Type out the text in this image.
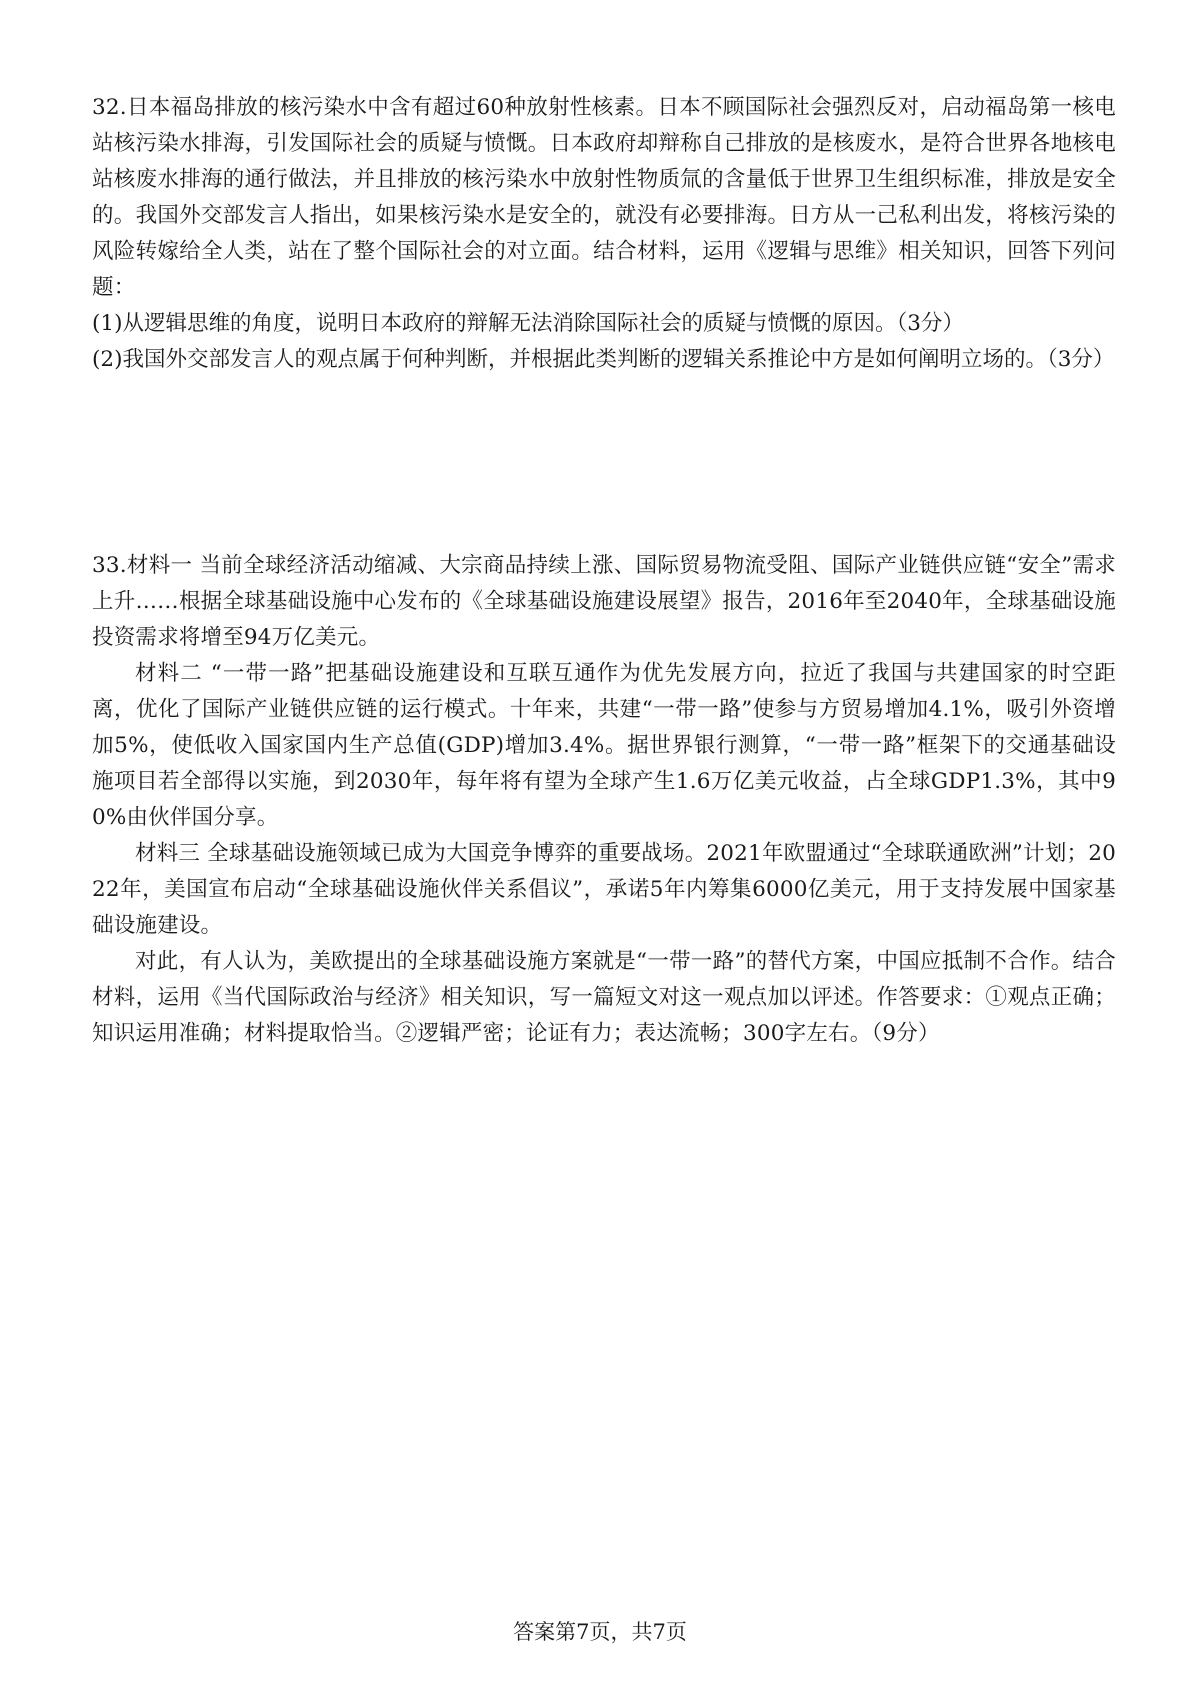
32.日本福岛排放的核污染水中含有超过60种放射性核素。日本不顾国际社会强烈反对，启动福岛第一核电站核污染水排海，引发国际社会的质疑与愤慨。日本政府却辩称自己排放的是核废水，是符合世界各地核电站核废水排海的通行做法，并且排放的核污染水中放射性物质氚的含量低于世界卫生组织标准，排放是安全的。我国外交部发言人指出，如果核污染水是安全的，就没有必要排海。日方从一己私利出发，将核污染的风险转嫁给全人类，站在了整个国际社会的对立面。结合材料，运用《逻辑与思维》相关知识，回答下列问题：

(1)从逻辑思维的角度，说明日本政府的辩解无法消除国际社会的质疑与愤慨的原因。（3分）

(2)我国外交部发言人的观点属于何种判断，并根据此类判断的逻辑关系推论中方是如何阐明立场的。（3分）

33.材料一 当前全球经济活动缩减、大宗商品持续上涨、国际贸易物流受阻、国际产业链供应链“安全”需求上升……根据全球基础设施中心发布的《全球基础设施建设展望》报告，2016年至2040年，全球基础设施投资需求将增至94万亿美元。

材料二 “一带一路”把基础设施建设和互联互通作为优先发展方向，拉近了我国与共建国家的时空距离，优化了国际产业链供应链的运行模式。十年来，共建“一带一路”使参与方贸易增加4.1%，吸引外资增加5%，使低收入国家国内生产总值(GDP)增加3.4%。据世界银行测算，“一带一路”框架下的交通基础设施项目若全部得以实施，到2030年，每年将有望为全球产生1.6万亿美元收益，占全球GDP1.3%，其中90%由伙伴国分享。

材料三 全球基础设施领域已成为大国竞争博弈的重要战场。2021年欧盟通过“全球联通欧洲”计划；2022年，美国宣布启动“全球基础设施伙伴关系倡议”，承诺5年内筹集6000亿美元，用于支持发展中国家基础设施建设。

对此，有人认为，美欧提出的全球基础设施方案就是“一带一路”的替代方案，中国应抵制不合作。结合材料，运用《当代国际政治与经济》相关知识，写一篇短文对这一观点加以评述。作答要求：①观点正确；知识运用准确；材料提取恰当。②逻辑严密；论证有力；表达流畅；300字左右。（9分）

答案第7页，共7页
